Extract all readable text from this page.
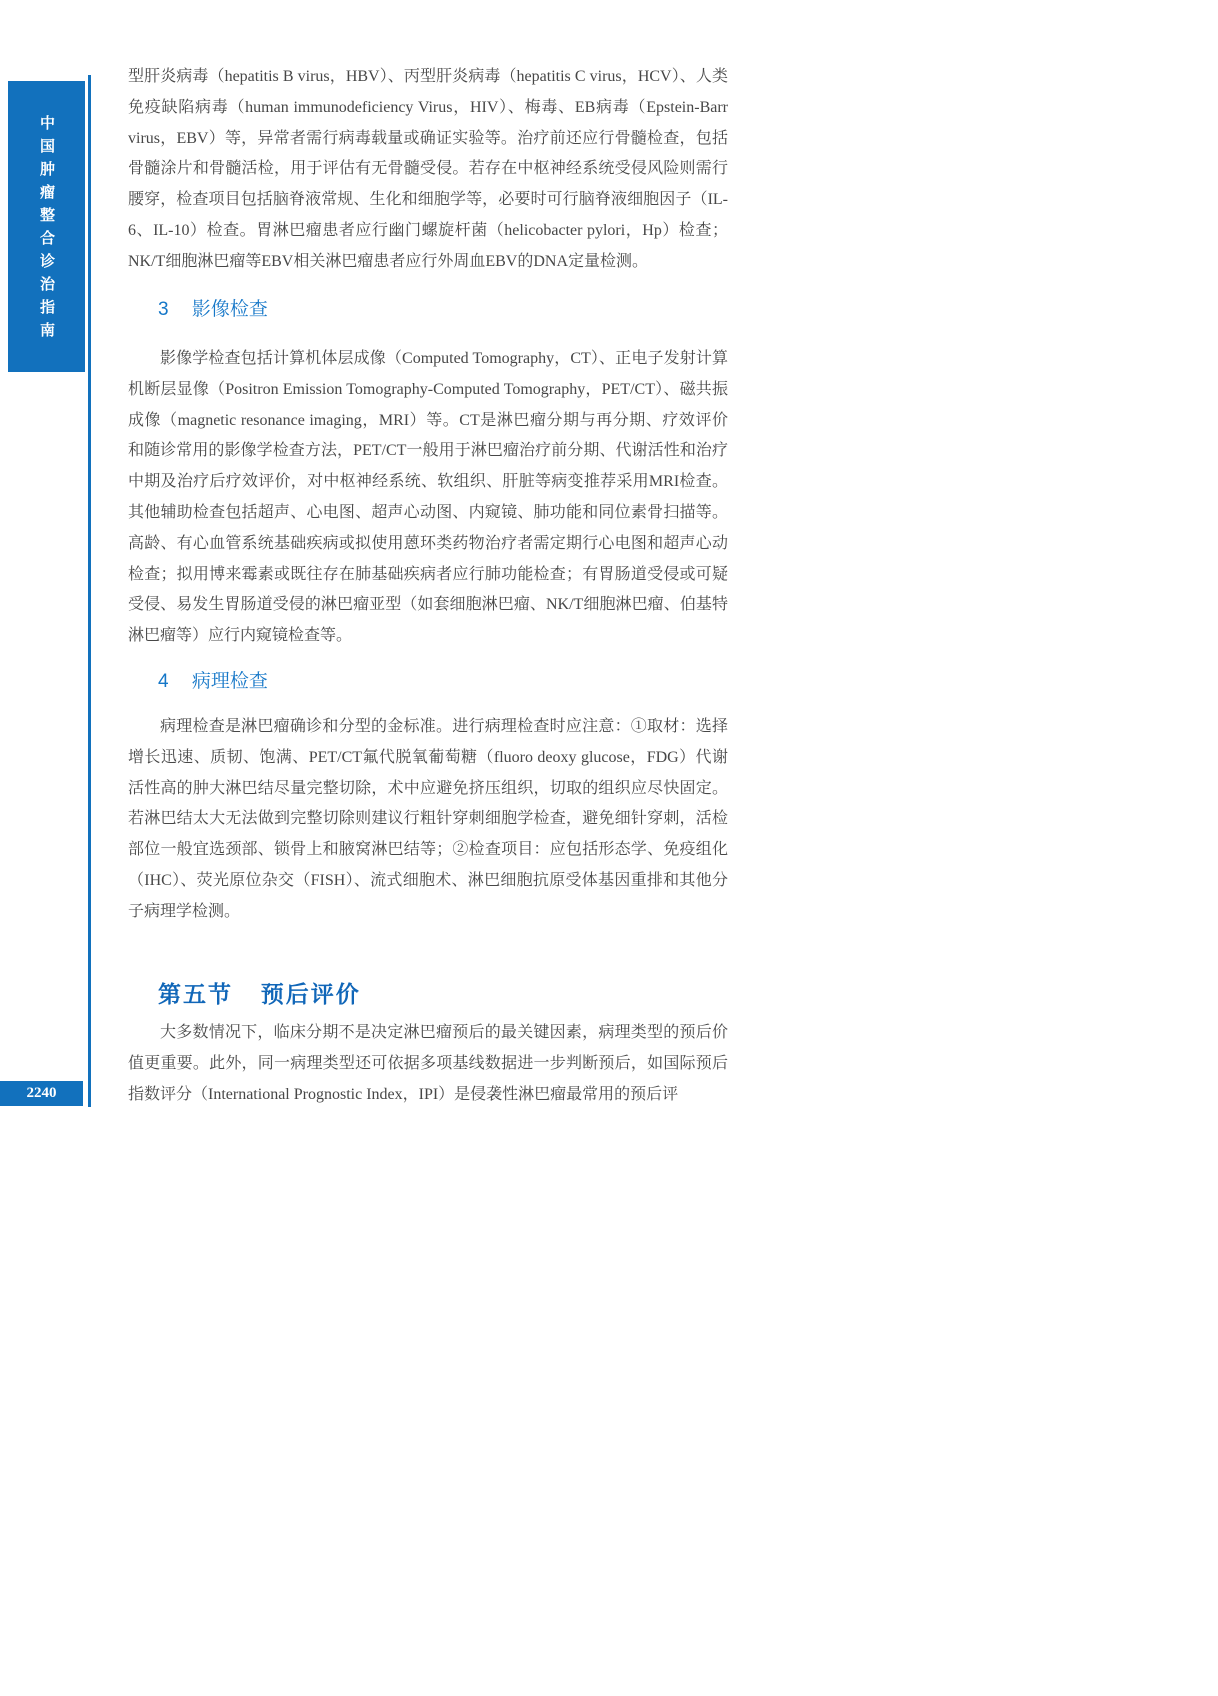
中国肿瘤整合诊治指南
2240

型肝炎病毒（hepatitis B virus，HBV）、丙型肝炎病毒（hepatitis C virus，HCV）、人类免疫缺陷病毒（human immunodeficiency Virus，HIV）、梅毒、EB病毒（Epstein-Barr virus，EBV）等，异常者需行病毒载量或确证实验等。治疗前还应行骨髓检查，包括骨髓涂片和骨髓活检，用于评估有无骨髓受侵。若存在中枢神经系统受侵风险则需行腰穿，检查项目包括脑脊液常规、生化和细胞学等，必要时可行脑脊液细胞因子（IL-6、IL-10）检查。胃淋巴瘤患者应行幽门螺旋杆菌（helicobacter pylori，Hp）检查；NK/T细胞淋巴瘤等EBV相关淋巴瘤患者应行外周血EBV的DNA定量检测。

3 影像检查

影像学检查包括计算机体层成像（Computed Tomography，CT）、正电子发射计算机断层显像（Positron Emission Tomography-Computed Tomography，PET/CT）、磁共振成像（magnetic resonance imaging，MRI）等。CT是淋巴瘤分期与再分期、疗效评价和随诊常用的影像学检查方法，PET/CT一般用于淋巴瘤治疗前分期、代谢活性和治疗中期及治疗后疗效评价，对中枢神经系统、软组织、肝脏等病变推荐采用MRI检查。其他辅助检查包括超声、心电图、超声心动图、内窥镜、肺功能和同位素骨扫描等。高龄、有心血管系统基础疾病或拟使用蒽环类药物治疗者需定期行心电图和超声心动检查；拟用博来霉素或既往存在肺基础疾病者应行肺功能检查；有胃肠道受侵或可疑受侵、易发生胃肠道受侵的淋巴瘤亚型（如套细胞淋巴瘤、NK/T细胞淋巴瘤、伯基特淋巴瘤等）应行内窥镜检查等。

4 病理检查

病理检查是淋巴瘤确诊和分型的金标准。进行病理检查时应注意：①取材：选择增长迅速、质韧、饱满、PET/CT氟代脱氧葡萄糖（fluoro deoxy glucose，FDG）代谢活性高的肿大淋巴结尽量完整切除，术中应避免挤压组织，切取的组织应尽快固定。若淋巴结太大无法做到完整切除则建议行粗针穿刺细胞学检查，避免细针穿刺，活检部位一般宜选颈部、锁骨上和腋窝淋巴结等；②检查项目：应包括形态学、免疫组化（IHC）、荧光原位杂交（FISH）、流式细胞术、淋巴细胞抗原受体基因重排和其他分子病理学检测。

第五节 预后评价

大多数情况下，临床分期不是决定淋巴瘤预后的最关键因素，病理类型的预后价值更重要。此外，同一病理类型还可依据多项基线数据进一步判断预后，如国际预后指数评分（International Prognostic Index，IPI）是侵袭性淋巴瘤最常用的预后评
